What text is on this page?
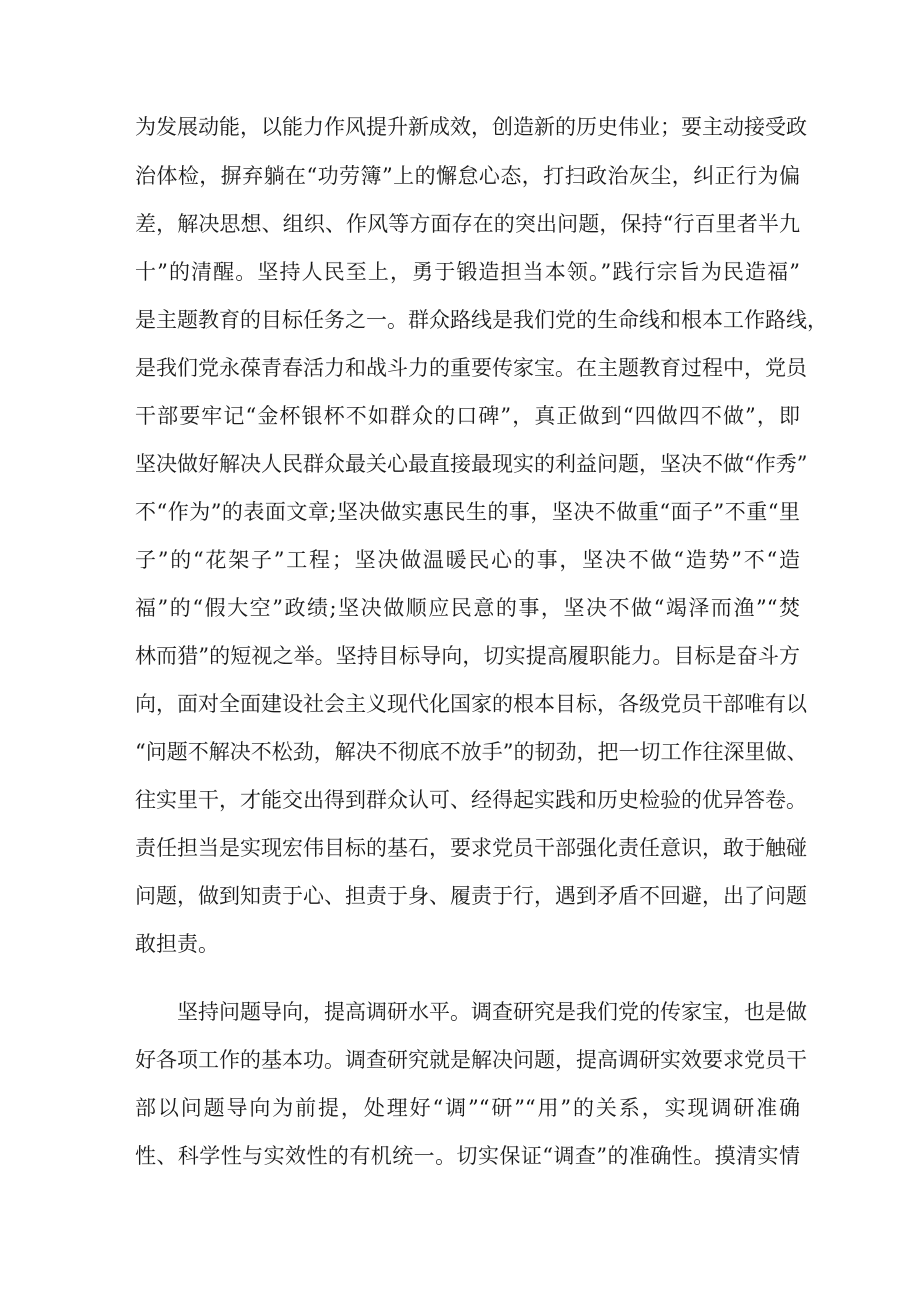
为发展动能，以能力作风提升新成效，创造新的历史伟业；要主动接受政
治体检，摒弃躺在“功劳簿”上的懈怠心态，打扫政治灰尘，纠正行为偏
差，解决思想、组织、作风等方面存在的突出问题，保持“行百里者半九
十”的清醒。坚持人民至上，勇于锻造担当本领。”践行宗旨为民造福”
是主题教育的目标任务之一。群众路线是我们党的生命线和根本工作路线，
是我们党永葆青春活力和战斗力的重要传家宝。在主题教育过程中，党员
干部要牢记“金杯银杯不如群众的口碑”，真正做到“四做四不做”，即
坚决做好解决人民群众最关心最直接最现实的利益问题，坚决不做“作秀”
不“作为”的表面文章;坚决做实惠民生的事，坚决不做重“面子”不重“里
子”的“花架子”工程；坚决做温暖民心的事，坚决不做“造势”不“造
福”的“假大空”政绩;坚决做顺应民意的事，坚决不做“竭泽而渔”“焚
林而猎”的短视之举。坚持目标导向，切实提高履职能力。目标是奋斗方
向，面对全面建设社会主义现代化国家的根本目标，各级党员干部唯有以
“问题不解决不松劲，解决不彻底不放手”的韧劲，把一切工作往深里做、
往实里干，才能交出得到群众认可、经得起实践和历史检验的优异答卷。
责任担当是实现宏伟目标的基石，要求党员干部强化责任意识，敢于触碰
问题，做到知责于心、担责于身、履责于行，遇到矛盾不回避，出了问题
敢担责。
坚持问题导向，提高调研水平。调查研究是我们党的传家宝，也是做
好各项工作的基本功。调查研究就是解决问题，提高调研实效要求党员干
部以问题导向为前提，处理好“调”“研”“用”的关系，实现调研准确
性、科学性与实效性的有机统一。切实保证“调查”的准确性。摸清实情
